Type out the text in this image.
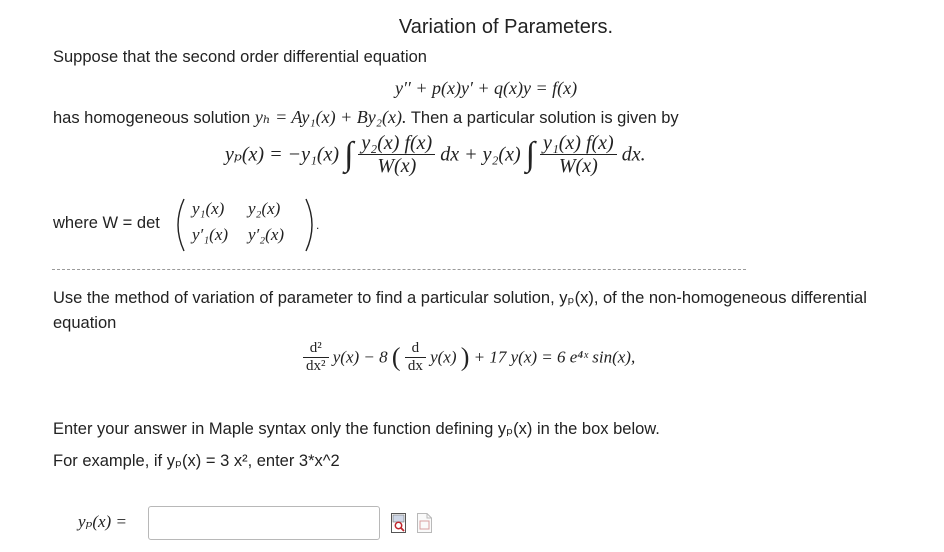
Variation of Parameters.
Suppose that the second order differential equation
y′′ + p(x)y′ + q(x)y = f(x)
has homogeneous solution yₕ = Ay₁(x) + By₂(x). Then a particular solution is given by
yₚ(x) = −y₁(x) ∫ $\frac{\text{y₂(x) f(x)}}{W(x)}$ dx + y₂(x) ∫ $\frac{\text{y₁(x) f(x)}}{W(x)}$ dx.
where W = det	.
y₁(x) y₂(x)
y′₁(x) y′₂(x)
Use the method of variation of parameter to find a particular solution, yₚ(x), of the non-homogeneous differential equation
$\frac{\text{d²}}{\text{dx²}} y(x) - 8$ ( $\frac{d}{dx} y(x)$ ) + 17 y(x) = 6 e⁴ˣ sin(x),
Enter your answer in Maple syntax only the function defining yₚ(x) in the box below.
For example, if yₚ(x) = 3 x², enter 3*x^2
yₚ(x) =
